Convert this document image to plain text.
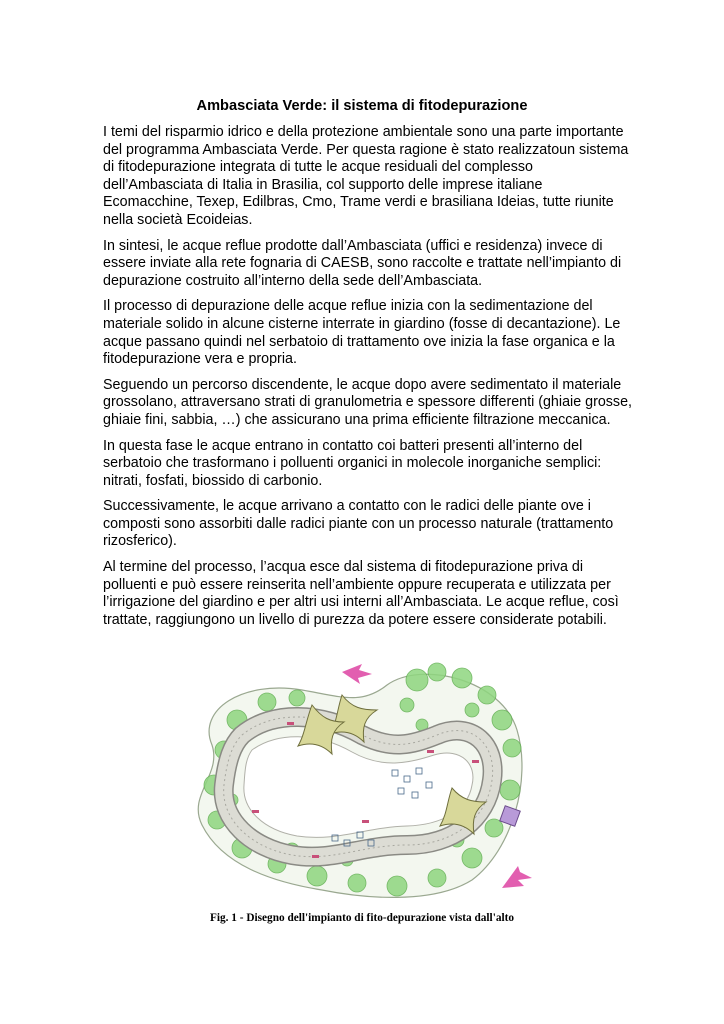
Ambasciata Verde: il sistema di fitodepurazione

I temi del risparmio idrico e della protezione ambientale sono una parte importante del programma Ambasciata Verde. Per questa ragione è stato realizzatoun sistema di fitodepurazione integrata di tutte le acque residuali del complesso dell’Ambasciata di Italia in Brasilia, col supporto delle imprese italiane Ecomacchine, Texep, Edilbras, Cmo, Trame verdi e brasiliana Ideias, tutte riunite nella società Ecoideias.

In sintesi, le acque reflue prodotte dall’Ambasciata (uffici e residenza) invece di essere inviate alla rete fognaria di CAESB, sono raccolte e trattate nell’impianto di depurazione costruito all’interno della sede dell’Ambasciata.

Il processo di depurazione delle acque reflue inizia con la sedimentazione del materiale solido in alcune cisterne interrate in giardino (fosse di decantazione). Le acque passano quindi nel serbatoio di trattamento ove inizia la fase organica e la fitodepurazione vera e propria.

Seguendo un percorso discendente, le acque dopo avere sedimentato il materiale grossolano, attraversano strati di granulometria e spessore differenti (ghiaie grosse, ghiaie fini, sabbia, …) che assicurano una prima efficiente filtrazione meccanica.

In questa fase le acque entrano in contatto coi batteri presenti all’interno del serbatoio che trasformano i polluenti organici in molecole inorganiche semplici: nitrati, fosfati, biossido di carbonio.

Successivamente, le acque arrivano a contatto con le radici delle piante ove i composti sono assorbiti dalle radici piante con un processo naturale (trattamento rizosferico).

Al termine del processo, l’acqua esce dal sistema di fitodepurazione priva di polluenti e può essere reinserita nell’ambiente oppure recuperata e utilizzata per l’irrigazione del giardino e per altri usi interni all’Ambasciata. Le acque reflue, così trattate, raggiungono un livello di purezza da potere essere considerate potabili.

Fig. 1 - Disegno dell'impianto di fito-depurazione vista dall'alto
